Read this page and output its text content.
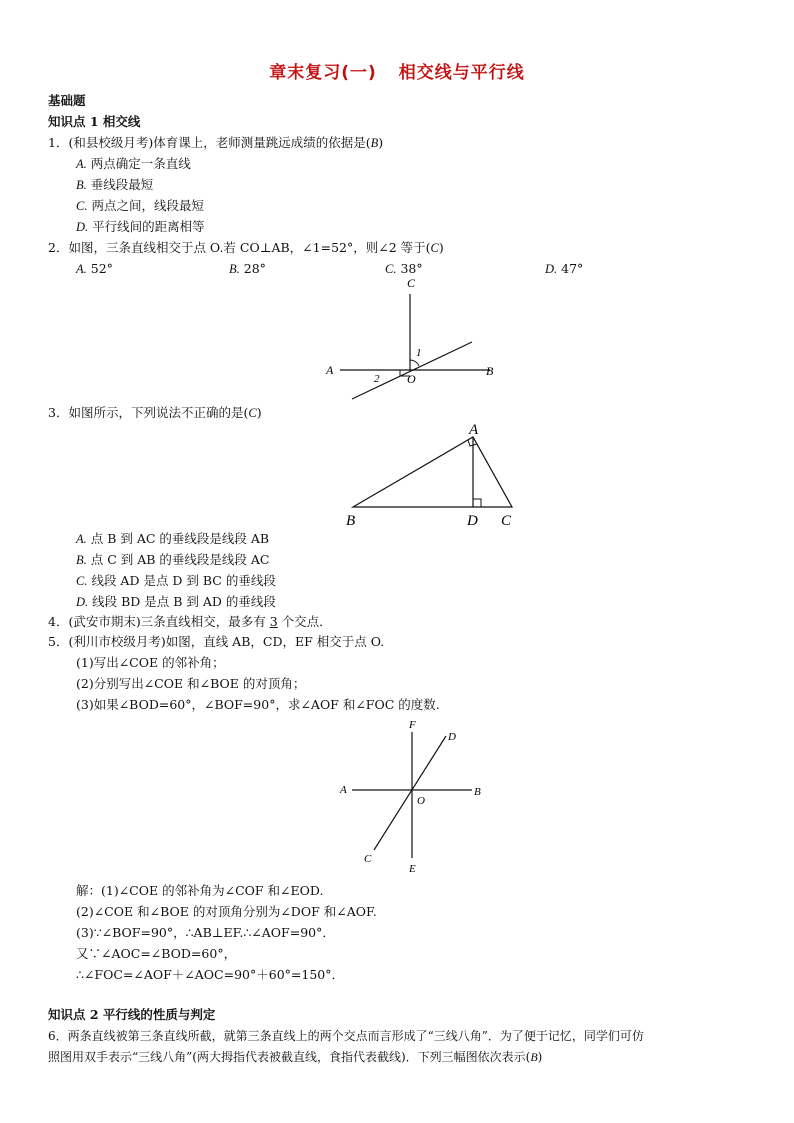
章末复习(一) 相交线与平行线
基础题
知识点 1 相交线
1．(和县校级月考)体育课上，老师测量跳远成绩的依据是(B)
A. 两点确定一条直线
B. 垂线段最短
C. 两点之间，线段最短
D. 平行线间的距离相等
2．如图，三条直线相交于点 O.若 CO⊥AB，∠1=52°，则∠2 等于(C)
A. 52°	B. 28°	C. 38°	D. 47°
C
A	B
O
1
2
3．如图所示，下列说法不正确的是(C)
A
B	D C
A. 点 B 到 AC 的垂线段是线段 AB
B. 点 C 到 AB 的垂线段是线段 AC
C. 线段 AD 是点 D 到 BC 的垂线段
D. 线段 BD 是点 B 到 AD 的垂线段
4．(武安市期末)三条直线相交，最多有 3 个交点．
5．(利川市校级月考)如图，直线 AB，CD，EF 相交于点 O.
(1)写出∠COE 的邻补角；
(2)分别写出∠COE 和∠BOE 的对顶角；
(3)如果∠BOD=60°，∠BOF=90°，求∠AOF 和∠FOC 的度数.
F
D
A	B
O
C
E
解：(1)∠COE 的邻补角为∠COF 和∠EOD.
(2)∠COE 和∠BOE 的对顶角分别为∠DOF 和∠AOF.
(3)∵∠BOF=90°，∴AB⊥EF.∴∠AOF=90°．
又∵∠AOC=∠BOD=60°，
∴∠FOC=∠AOF＋∠AOC=90°＋60°=150°．
知识点 2 平行线的性质与判定
6．两条直线被第三条直线所截，就第三条直线上的两个交点而言形成了“三线八角”．为了便于记忆，同学们可仿
照图用双手表示“三线八角”(两大拇指代表被截直线，食指代表截线)．下列三幅图依次表示(B)
